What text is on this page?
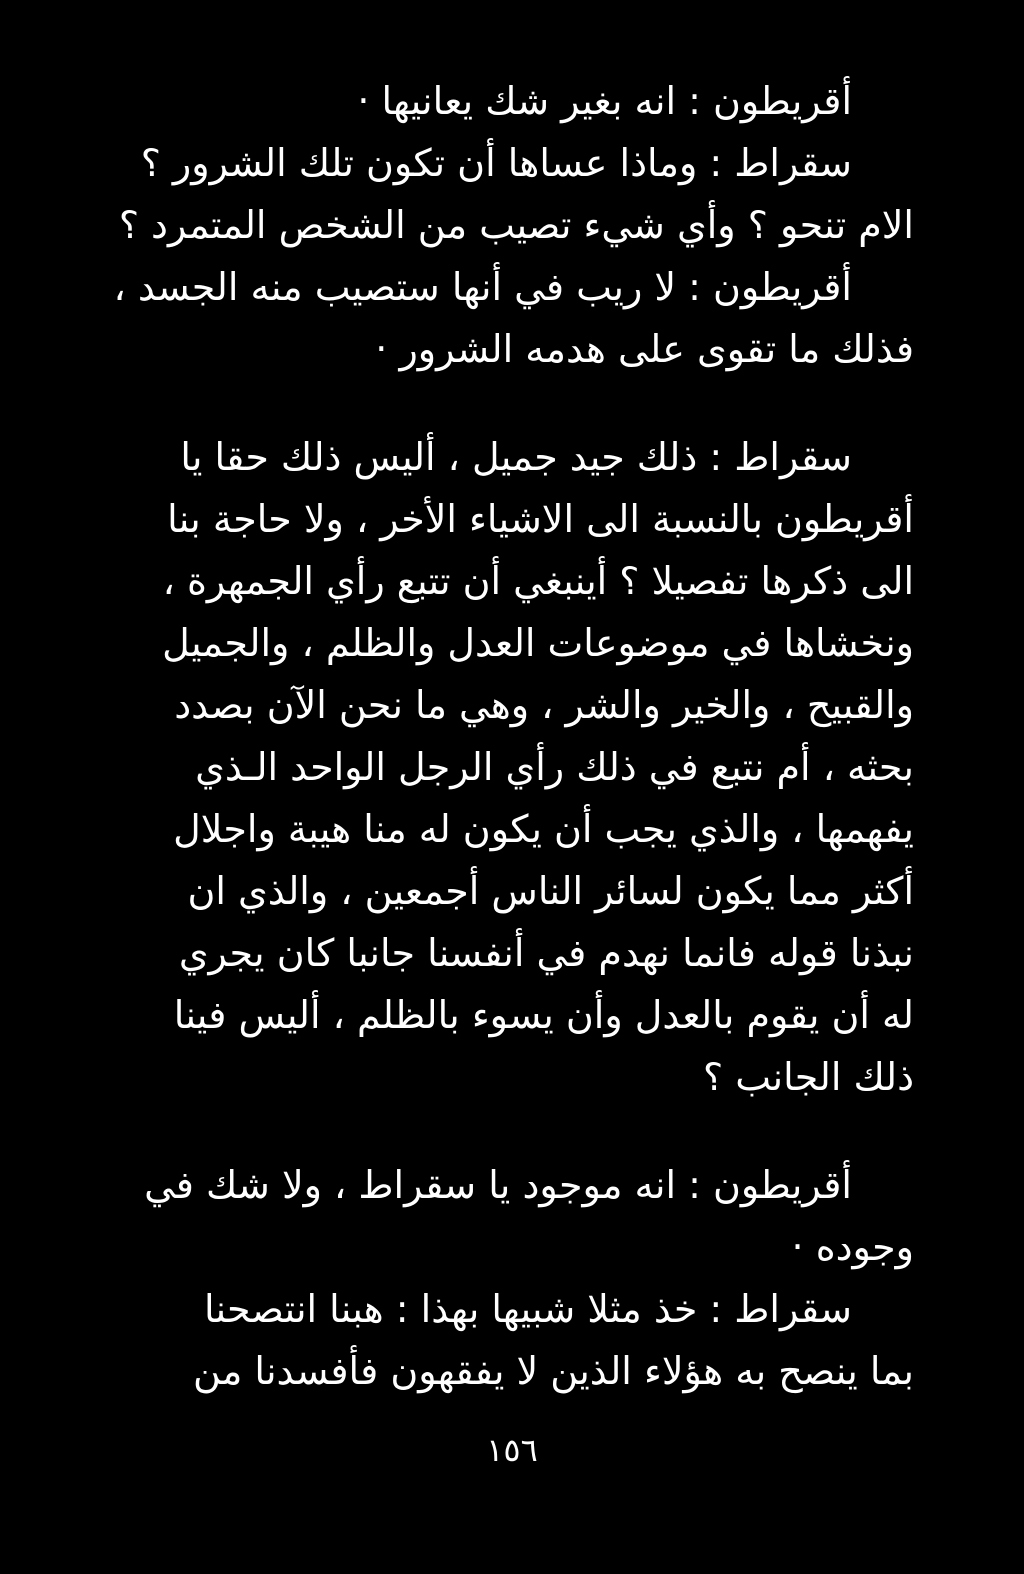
أقريطون : انه بغير شك يعانيها ·
سقراط : وماذا عساها أن تكون تلك الشرور ؟
الام تنحو ؟ وأي شيء تصيب من الشخص المتمرد ؟
أقريطون : لا ريب في أنها ستصيب منه الجسد ،
فذلك ما تقوى على هدمه الشرور ·
سقراط : ذلك جيد جميل ، أليس ذلك حقا يا
أقريطون بالنسبة الى الاشياء الأخر ، ولا حاجة بنا
الى ذكرها تفصيلا ؟ أينبغي أن تتبع رأي الجمهرة ،
ونخشاها في موضوعات العدل والظلم ، والجميل
والقبيح ، والخير والشر ، وهي ما نحن الآن بصدد
بحثه ، أم نتبع في ذلك رأي الرجل الواحد الـذي
يفهمها ، والذي يجب أن يكون له منا هيبة واجلال
أكثر مما يكون لسائر الناس أجمعين ، والذي ان
نبذنا قوله فانما نهدم في أنفسنا جانبا كان يجري
له أن يقوم بالعدل وأن يسوء بالظلم ، أليس فينا
ذلك الجانب ؟
أقريطون : انه موجود يا سقراط ، ولا شك في
وجوده ·
سقراط : خذ مثلا شبيها بهذا : هبنا انتصحنا
بما ينصح به هؤلاء الذين لا يفقهون فأفسدنا من
١٥٦
